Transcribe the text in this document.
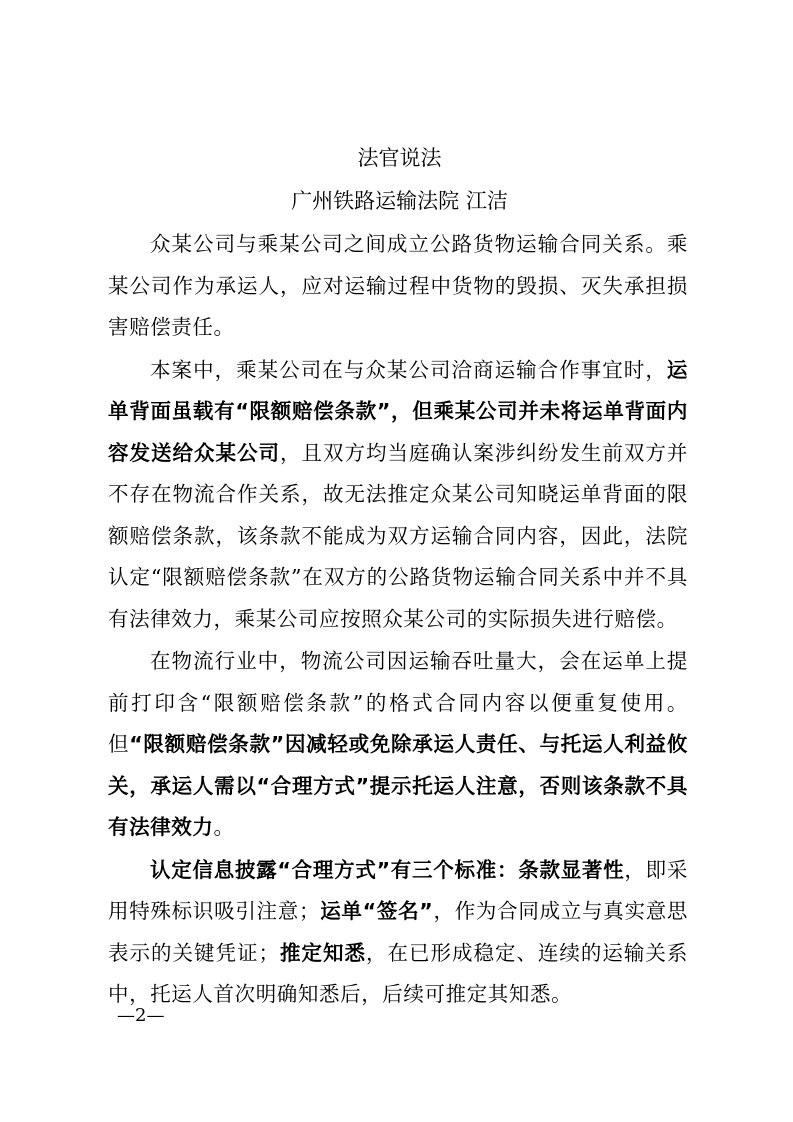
法官说法
广州铁路运输法院 江洁

众某公司与乘某公司之间成立公路货物运输合同关系。乘某公司作为承运人，应对运输过程中货物的毁损、灭失承担损害赔偿责任。

本案中，乘某公司在与众某公司洽商运输合作事宜时，运单背面虽载有“限额赔偿条款”，但乘某公司并未将运单背面内容发送给众某公司，且双方均当庭确认案涉纠纷发生前双方并不存在物流合作关系，故无法推定众某公司知晓运单背面的限额赔偿条款，该条款不能成为双方运输合同内容，因此，法院认定“限额赔偿条款”在双方的公路货物运输合同关系中并不具有法律效力，乘某公司应按照众某公司的实际损失进行赔偿。

在物流行业中，物流公司因运输吞吐量大，会在运单上提前打印含“限额赔偿条款”的格式合同内容以便重复使用。但“限额赔偿条款”因减轻或免除承运人责任、与托运人利益攸关，承运人需以“合理方式”提示托运人注意，否则该条款不具有法律效力。

认定信息披露“合理方式”有三个标准：条款显著性，即采用特殊标识吸引注意；运单“签名”，作为合同成立与真实意思表示的关键凭证；推定知悉，在已形成稳定、连续的运输关系中，托运人首次明确知悉后，后续可推定其知悉。

—2—
